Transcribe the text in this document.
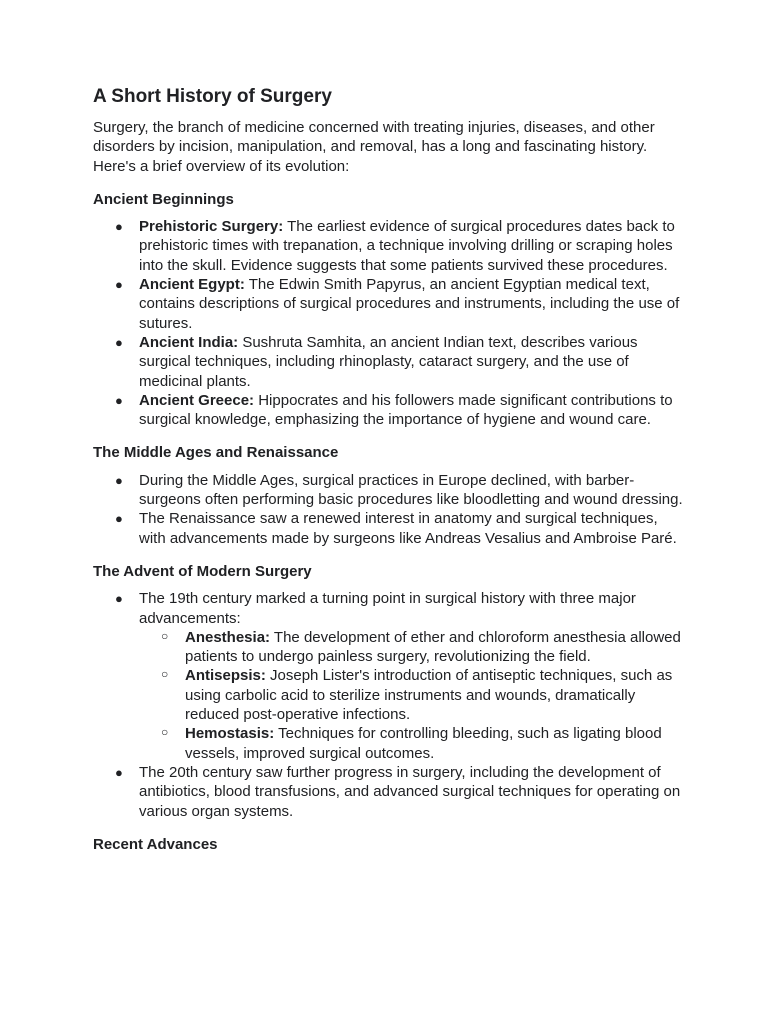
A Short History of Surgery

Surgery, the branch of medicine concerned with treating injuries, diseases, and other disorders by incision, manipulation, and removal, has a long and fascinating history. Here's a brief overview of its evolution:

Ancient Beginnings
● Prehistoric Surgery: The earliest evidence of surgical procedures dates back to prehistoric times with trepanation, a technique involving drilling or scraping holes into the skull. Evidence suggests that some patients survived these procedures.
● Ancient Egypt: The Edwin Smith Papyrus, an ancient Egyptian medical text, contains descriptions of surgical procedures and instruments, including the use of sutures.
● Ancient India: Sushruta Samhita, an ancient Indian text, describes various surgical techniques, including rhinoplasty, cataract surgery, and the use of medicinal plants.
● Ancient Greece: Hippocrates and his followers made significant contributions to surgical knowledge, emphasizing the importance of hygiene and wound care.
The Middle Ages and Renaissance
● During the Middle Ages, surgical practices in Europe declined, with barber-surgeons often performing basic procedures like bloodletting and wound dressing.
● The Renaissance saw a renewed interest in anatomy and surgical techniques, with advancements made by surgeons like Andreas Vesalius and Ambroise Paré.
The Advent of Modern Surgery
● The 19th century marked a turning point in surgical history with three major advancements:
○ Anesthesia: The development of ether and chloroform anesthesia allowed patients to undergo painless surgery, revolutionizing the field.
○ Antisepsis: Joseph Lister's introduction of antiseptic techniques, such as using carbolic acid to sterilize instruments and wounds, dramatically reduced post-operative infections.
○ Hemostasis: Techniques for controlling bleeding, such as ligating blood vessels, improved surgical outcomes.
● The 20th century saw further progress in surgery, including the development of antibiotics, blood transfusions, and advanced surgical techniques for operating on various organ systems.
Recent Advances
